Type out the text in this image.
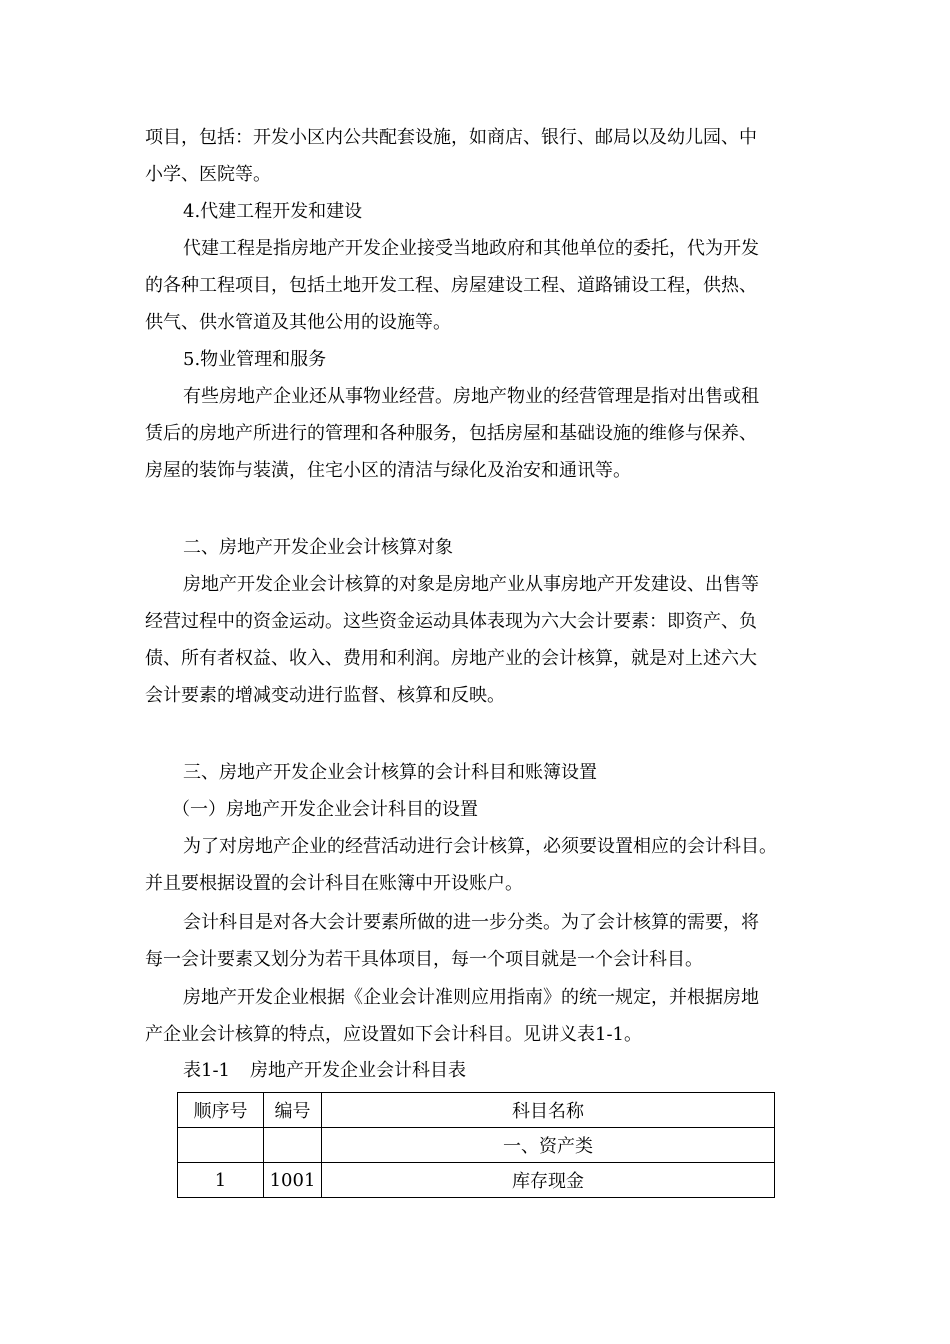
项目，包括：开发小区内公共配套设施，如商店、银行、邮局以及幼儿园、中
小学、医院等。
4.代建工程开发和建设
代建工程是指房地产开发企业接受当地政府和其他单位的委托，代为开发
的各种工程项目，包括土地开发工程、房屋建设工程、道路铺设工程，供热、
供气、供水管道及其他公用的设施等。
5.物业管理和服务
有些房地产企业还从事物业经营。房地产物业的经营管理是指对出售或租
赁后的房地产所进行的管理和各种服务，包括房屋和基础设施的维修与保养、
房屋的装饰与装潢，住宅小区的清洁与绿化及治安和通讯等。
二、房地产开发企业会计核算对象
房地产开发企业会计核算的对象是房地产业从事房地产开发建设、出售等
经营过程中的资金运动。这些资金运动具体表现为六大会计要素：即资产、负
债、所有者权益、收入、费用和利润。房地产业的会计核算，就是对上述六大
会计要素的增减变动进行监督、核算和反映。
三、房地产开发企业会计核算的会计科目和账簿设置
（一）房地产开发企业会计科目的设置
为了对房地产企业的经营活动进行会计核算，必须要设置相应的会计科目。
并且要根据设置的会计科目在账簿中开设账户。
会计科目是对各大会计要素所做的进一步分类。为了会计核算的需要，将
每一会计要素又划分为若干具体项目，每一个项目就是一个会计科目。
房地产开发企业根据《企业会计准则应用指南》的统一规定，并根据房地
产企业会计核算的特点，应设置如下会计科目。见讲义表1-1。
表1-1 房地产开发企业会计科目表
顺序号	编号	科目名称
		一、资产类
1	1001	库存现金
